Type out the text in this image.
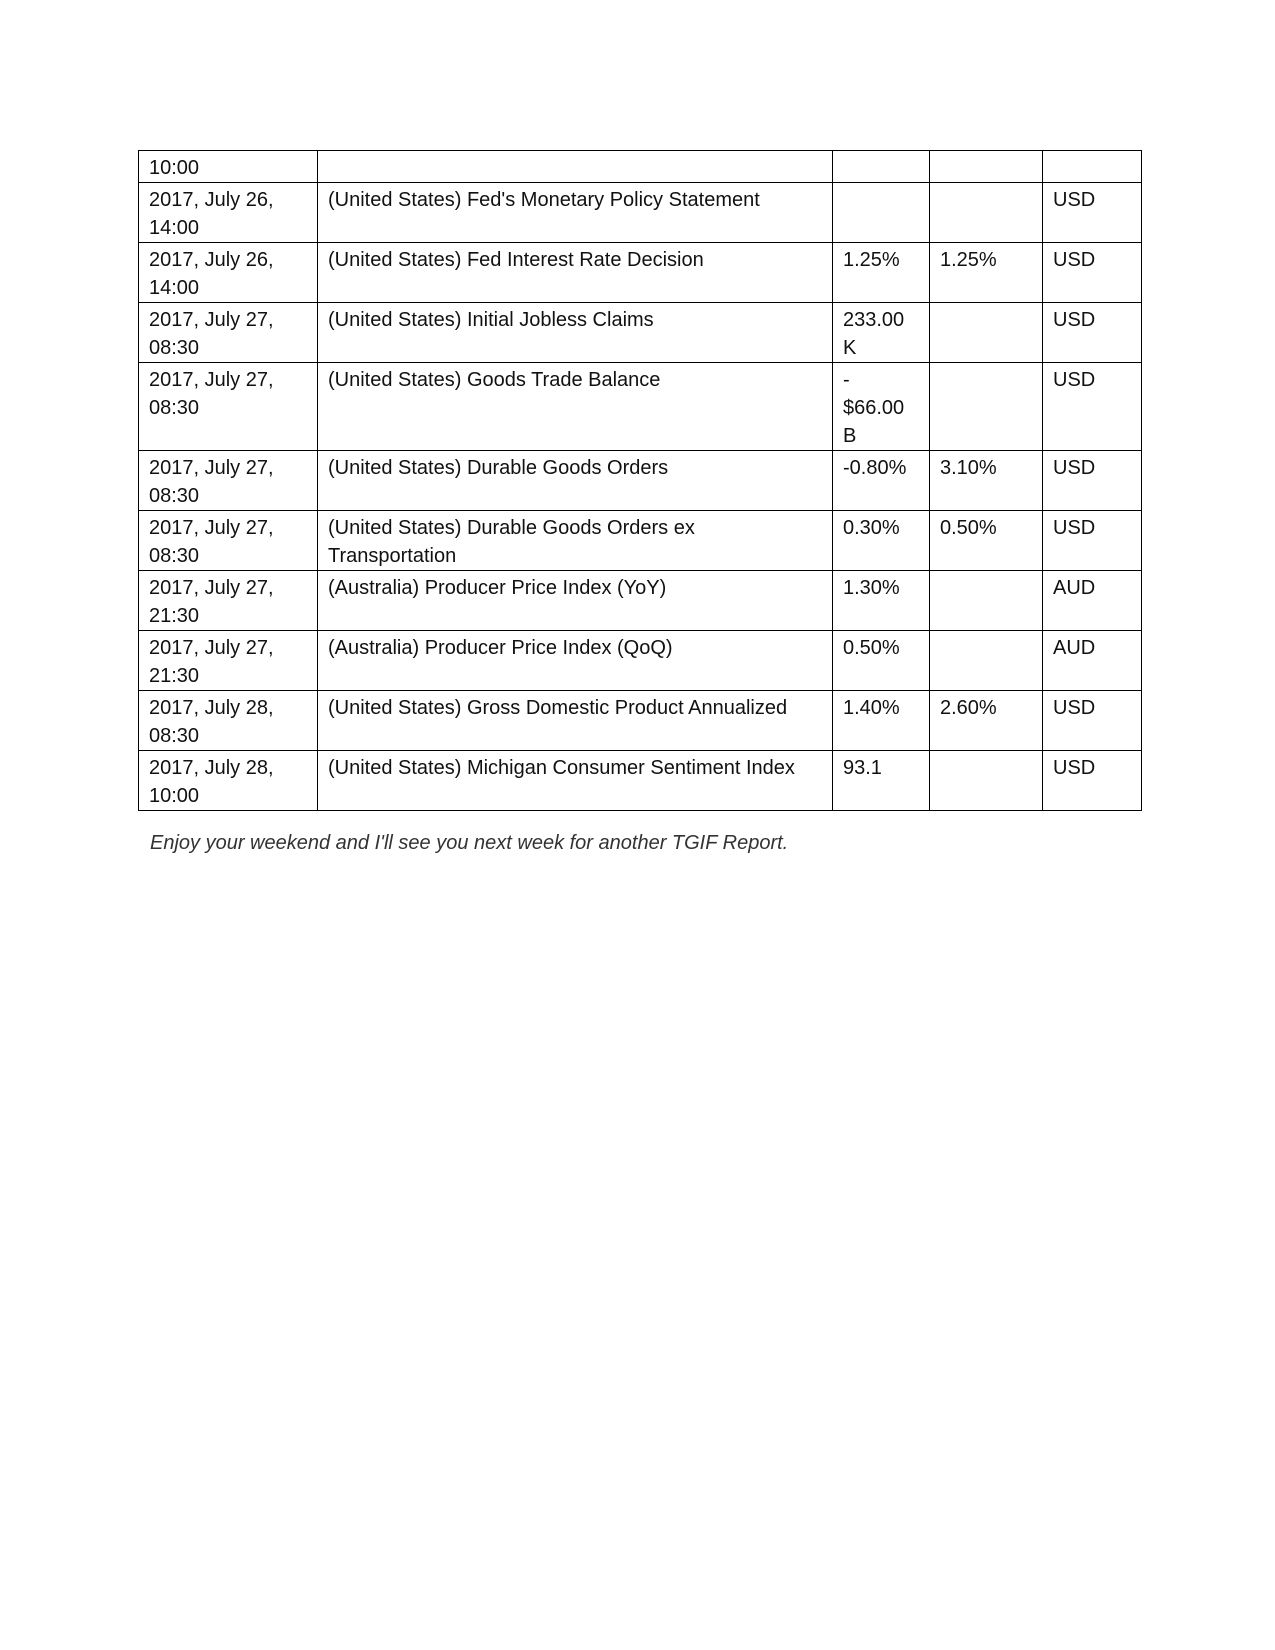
10:00				

2017, July 26,
14:00	(United States) Fed's Monetary Policy Statement			USD

2017, July 26,
14:00	(United States) Fed Interest Rate Decision	1.25%	1.25%	USD

2017, July 27,
08:30	(United States) Initial Jobless Claims	233.00
K		USD

2017, July 27,
08:30	(United States) Goods Trade Balance	-
$66.00
B		USD

2017, July 27,
08:30	(United States) Durable Goods Orders	-0.80%	3.10%	USD

2017, July 27,
08:30	(United States) Durable Goods Orders ex
Transportation	0.30%	0.50%	USD

2017, July 27,
21:30	(Australia) Producer Price Index (YoY)	1.30%		AUD

2017, July 27,
21:30	(Australia) Producer Price Index (QoQ)	0.50%		AUD

2017, July 28,
08:30	(United States) Gross Domestic Product Annualized	1.40%	2.60%	USD

2017, July 28,
10:00	(United States) Michigan Consumer Sentiment Index	93.1		USD
Enjoy your weekend and I'll see you next week for another TGIF Report.
